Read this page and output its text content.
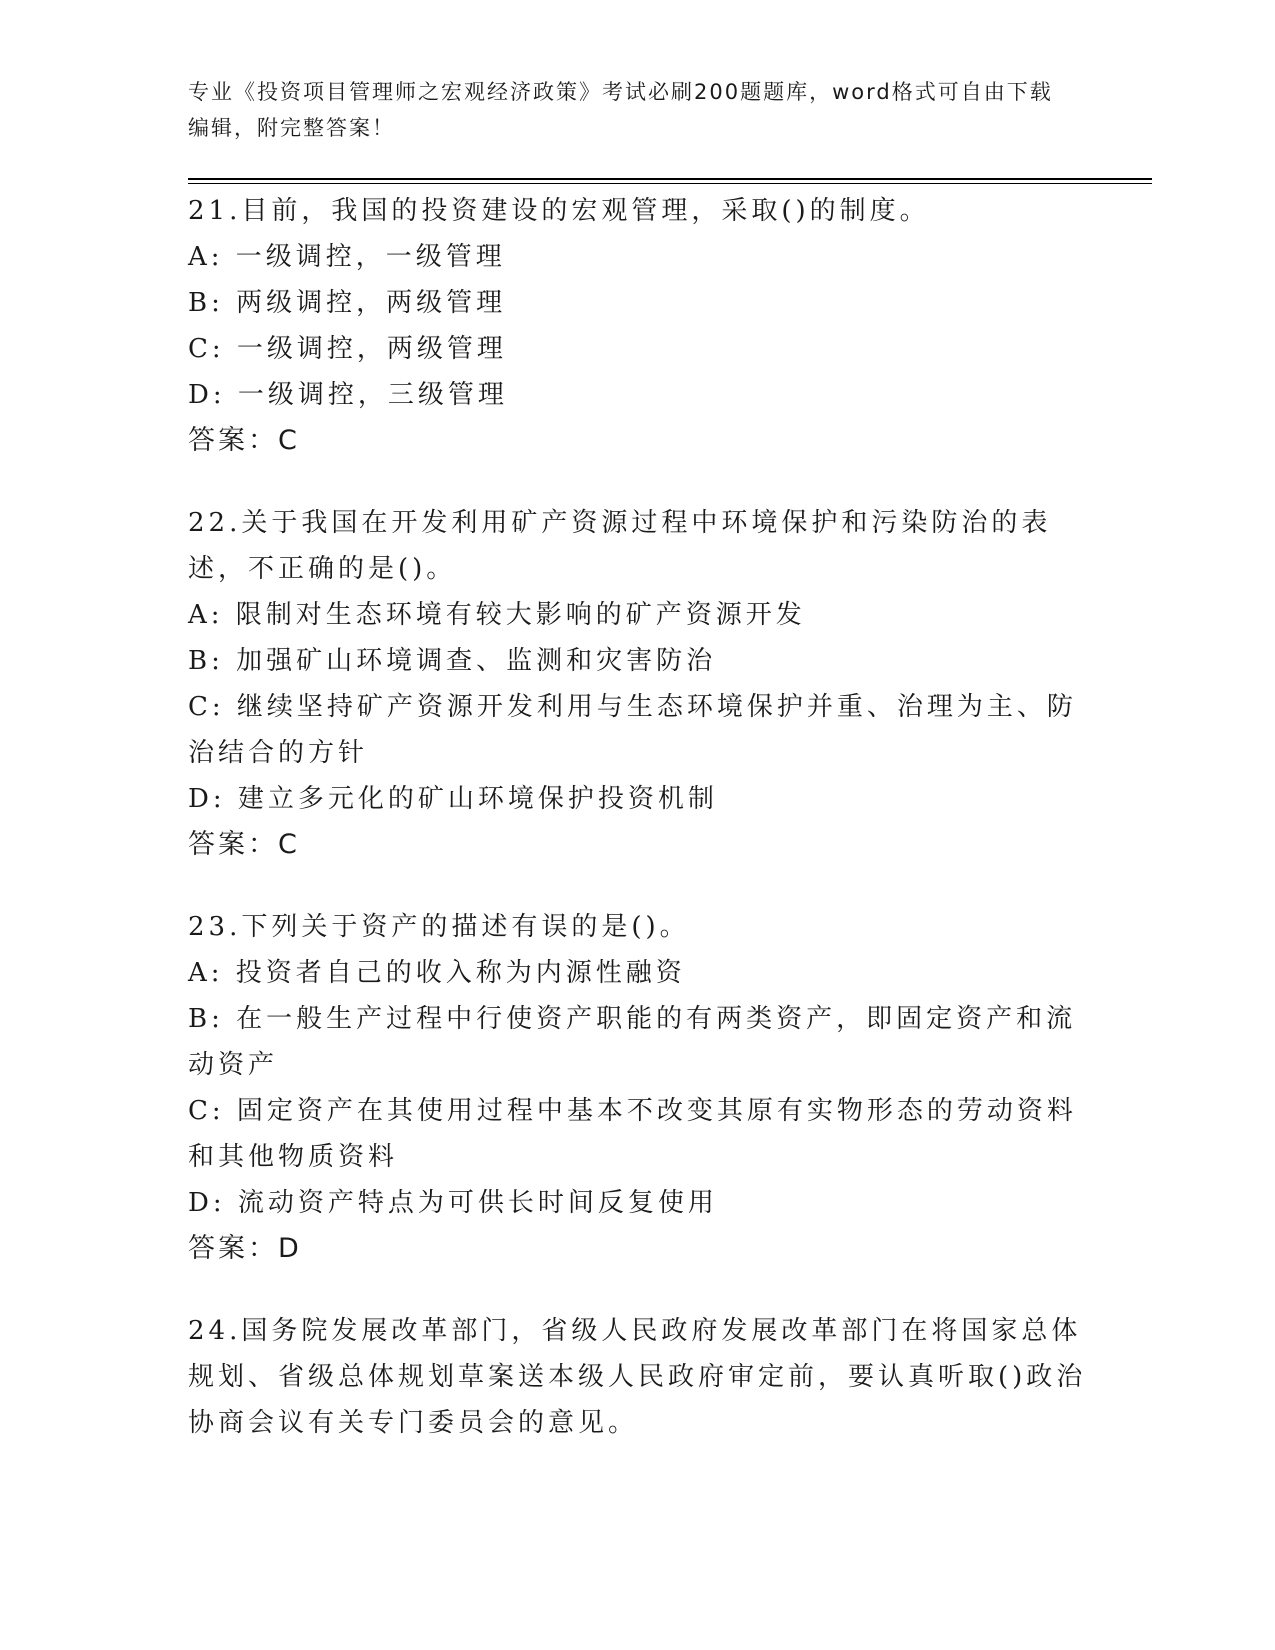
专业《投资项目管理师之宏观经济政策》考试必刷200题题库，word格式可自由下载编辑，附完整答案！
21.目前，我国的投资建设的宏观管理，采取()的制度。
A: 一级调控，一级管理
B: 两级调控，两级管理
C: 一级调控，两级管理
D: 一级调控，三级管理
答案：C
22.关于我国在开发利用矿产资源过程中环境保护和污染防治的表述，不正确的是()。
A: 限制对生态环境有较大影响的矿产资源开发
B: 加强矿山环境调查、监测和灾害防治
C: 继续坚持矿产资源开发利用与生态环境保护并重、治理为主、防治结合的方针
D: 建立多元化的矿山环境保护投资机制
答案：C
23.下列关于资产的描述有误的是()。
A: 投资者自己的收入称为内源性融资
B: 在一般生产过程中行使资产职能的有两类资产，即固定资产和流动资产
C: 固定资产在其使用过程中基本不改变其原有实物形态的劳动资料和其他物质资料
D: 流动资产特点为可供长时间反复使用
答案：D
24.国务院发展改革部门，省级人民政府发展改革部门在将国家总体规划、省级总体规划草案送本级人民政府审定前，要认真听取()政治协商会议有关专门委员会的意见。
